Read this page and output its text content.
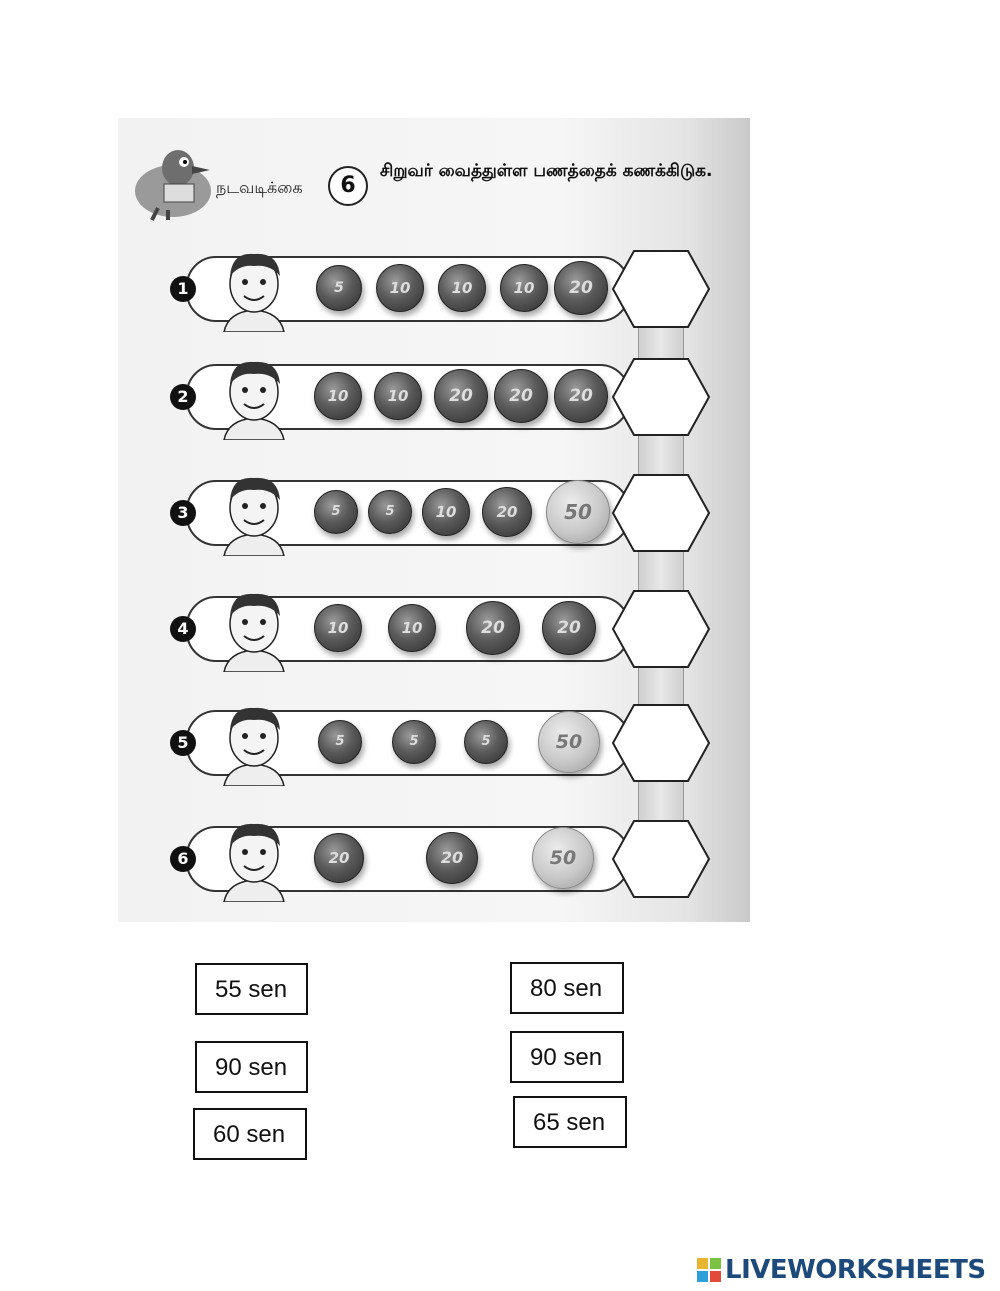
நடவடிக்கை	6
சிறுவர் வைத்துள்ள பணத்தைக் கணக்கிடுக.
1	5	10	10	10	20
2	10	10	20	20	20
3	5	5	10	20	50
4	10	10	20	20
5	5	5	5	50
6	20	20	50
55 sen	80 sen
90 sen	90 sen
60 sen	65 sen
LIVEWORKSHEETS
